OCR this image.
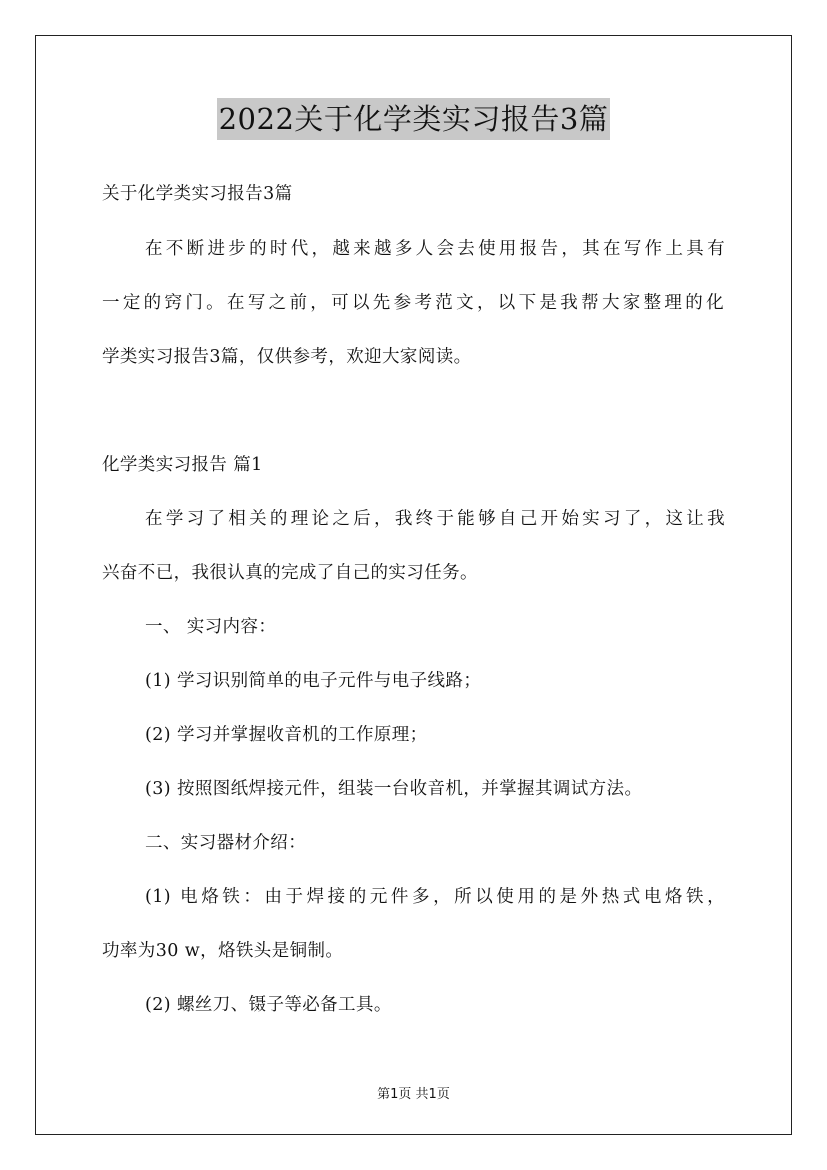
2022关于化学类实习报告3篇
关于化学类实习报告3篇
在不断进步的时代，越来越多人会去使用报告，其在写作上具有
一定的窍门。在写之前，可以先参考范文，以下是我帮大家整理的化
学类实习报告3篇，仅供参考，欢迎大家阅读。
化学类实习报告 篇1
在学习了相关的理论之后，我终于能够自己开始实习了，这让我
兴奋不已，我很认真的完成了自己的实习任务。
一、 实习内容：
(1) 学习识别简单的电子元件与电子线路；
(2) 学习并掌握收音机的工作原理；
(3) 按照图纸焊接元件，组装一台收音机，并掌握其调试方法。
二、实习器材介绍：
(1) 电烙铁：由于焊接的元件多，所以使用的是外热式电烙铁，
功率为30 w，烙铁头是铜制。
(2) 螺丝刀、镊子等必备工具。
第1页 共1页
